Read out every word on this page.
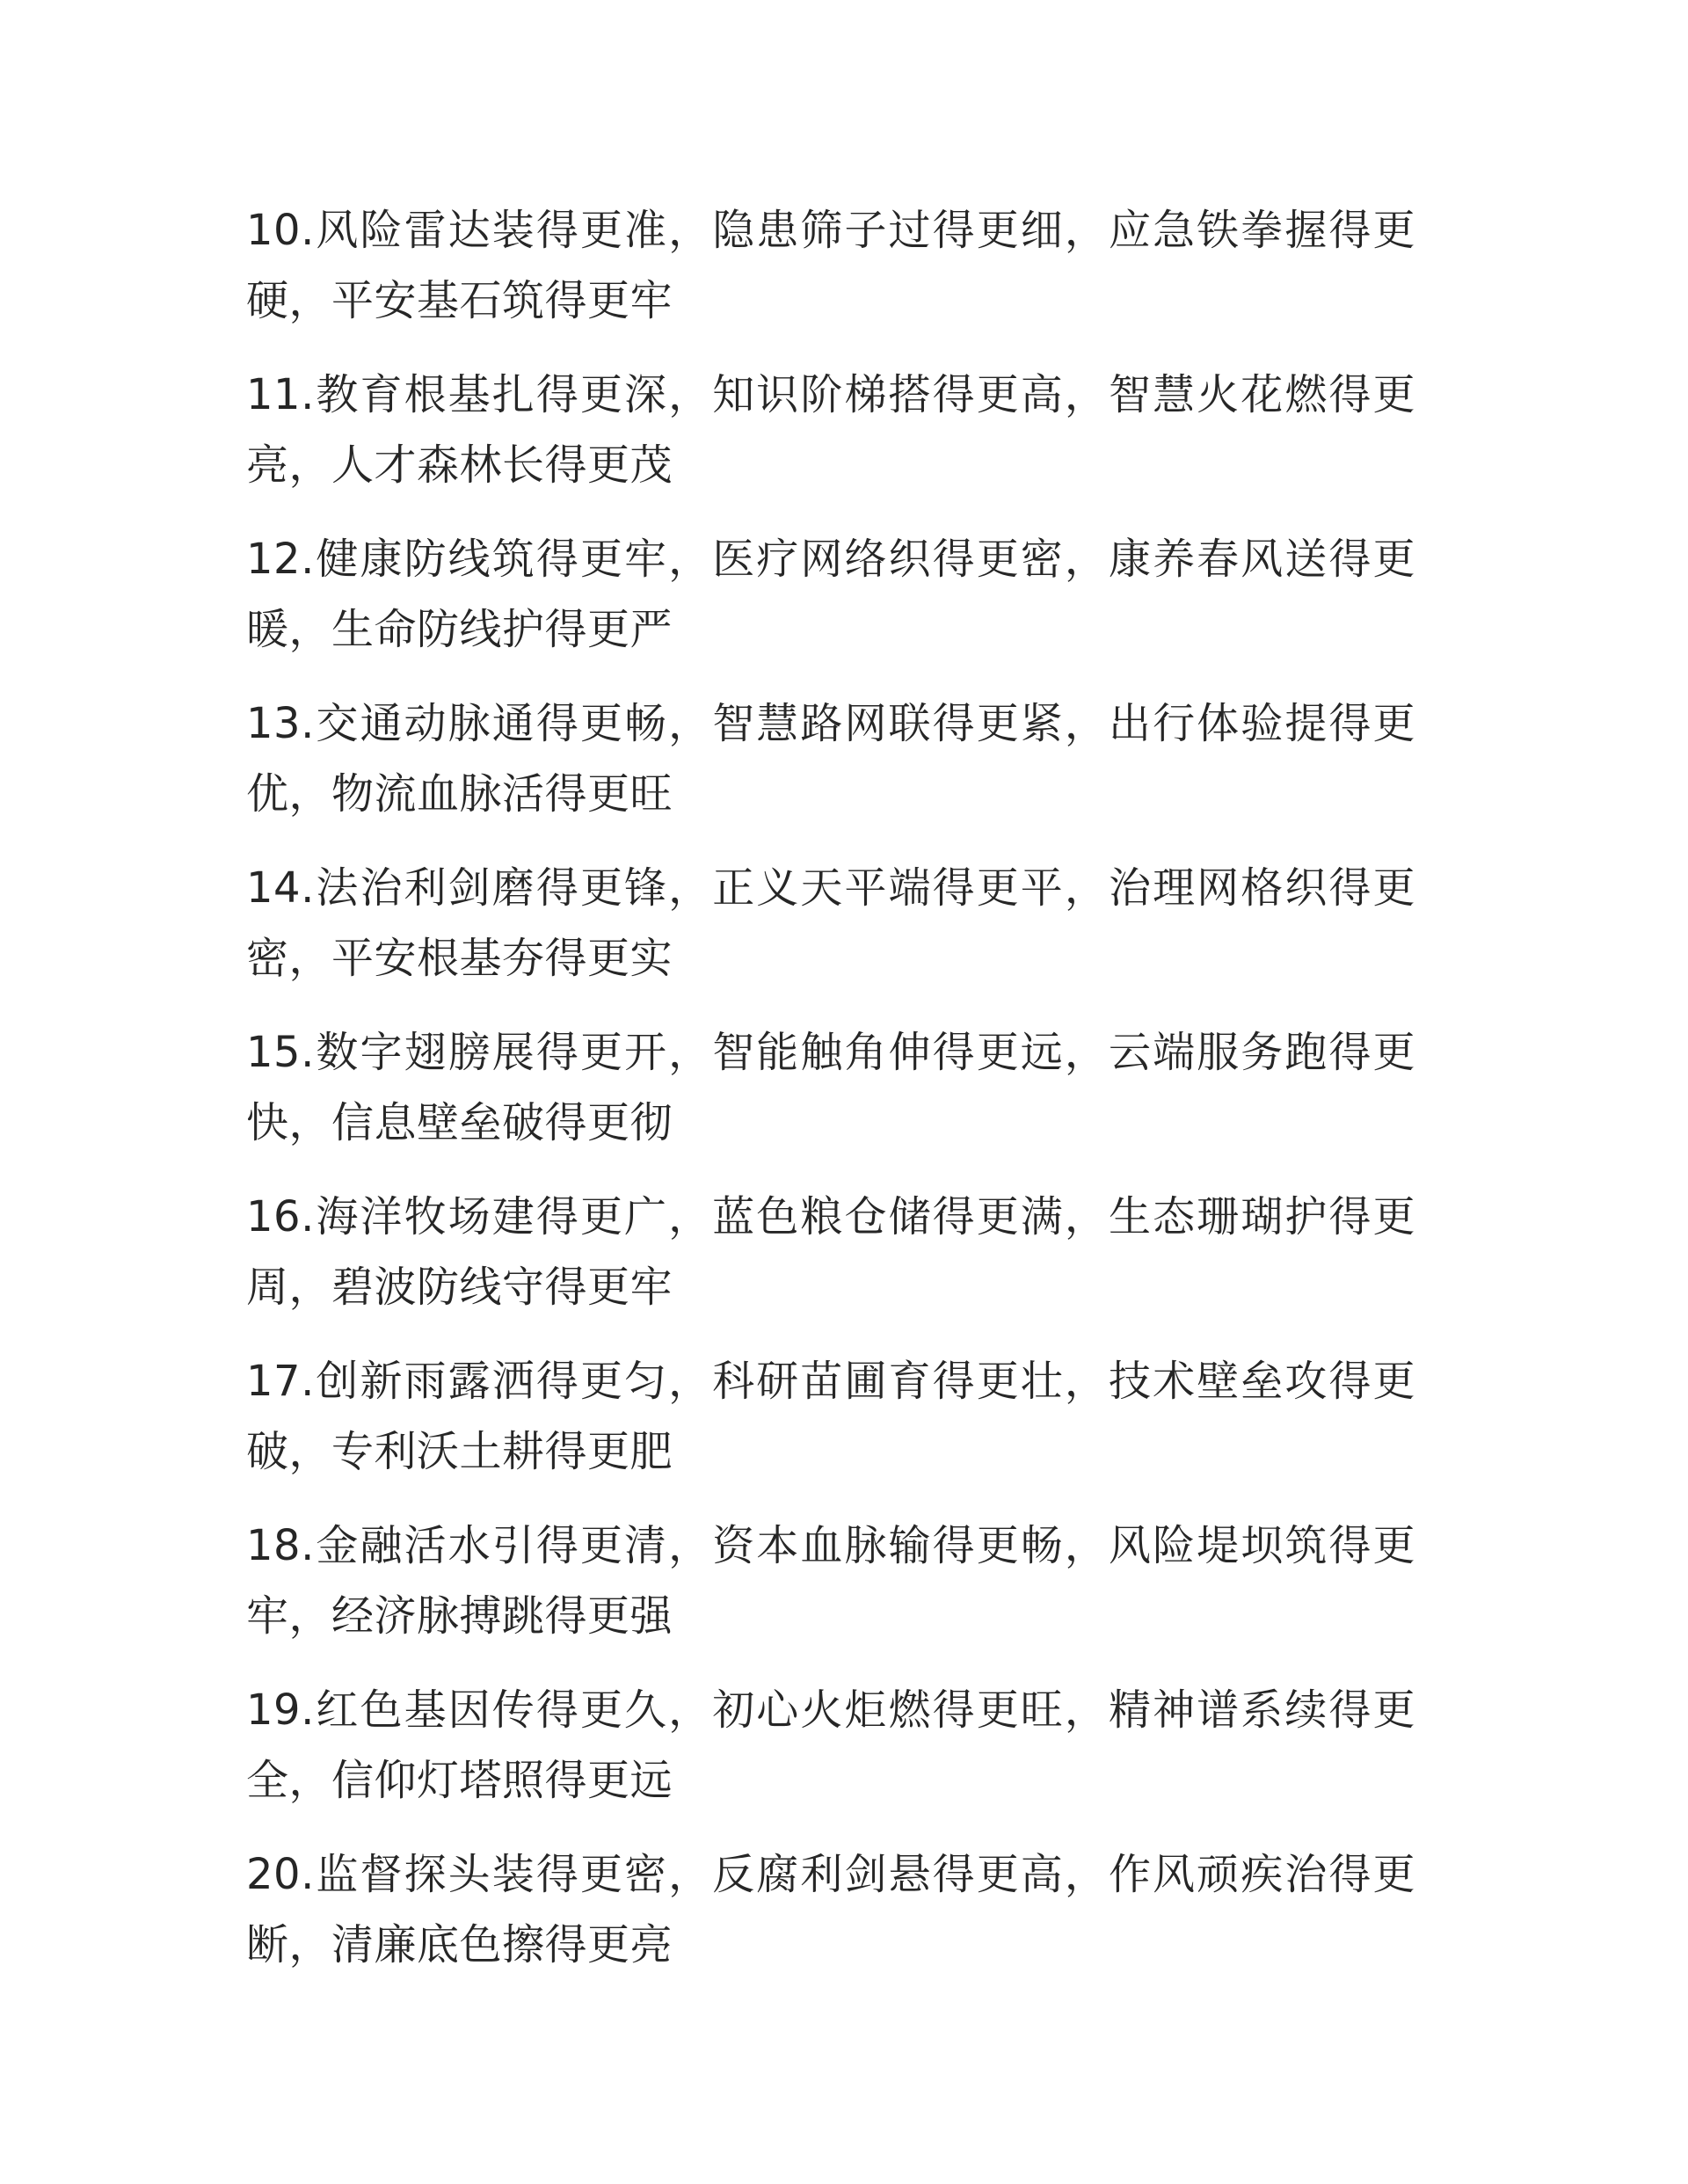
10.风险雷达装得更准，隐患筛子过得更细，应急铁拳握得更硬，平安基石筑得更牢

11.教育根基扎得更深，知识阶梯搭得更高，智慧火花燃得更亮，人才森林长得更茂

12.健康防线筑得更牢，医疗网络织得更密，康养春风送得更暖，生命防线护得更严

13.交通动脉通得更畅，智慧路网联得更紧，出行体验提得更优，物流血脉活得更旺

14.法治利剑磨得更锋，正义天平端得更平，治理网格织得更密，平安根基夯得更实

15.数字翅膀展得更开，智能触角伸得更远，云端服务跑得更快，信息壁垒破得更彻

16.海洋牧场建得更广，蓝色粮仓储得更满，生态珊瑚护得更周，碧波防线守得更牢

17.创新雨露洒得更匀，科研苗圃育得更壮，技术壁垒攻得更破，专利沃土耕得更肥

18.金融活水引得更清，资本血脉输得更畅，风险堤坝筑得更牢，经济脉搏跳得更强

19.红色基因传得更久，初心火炬燃得更旺，精神谱系续得更全，信仰灯塔照得更远

20.监督探头装得更密，反腐利剑悬得更高，作风顽疾治得更断，清廉底色擦得更亮
